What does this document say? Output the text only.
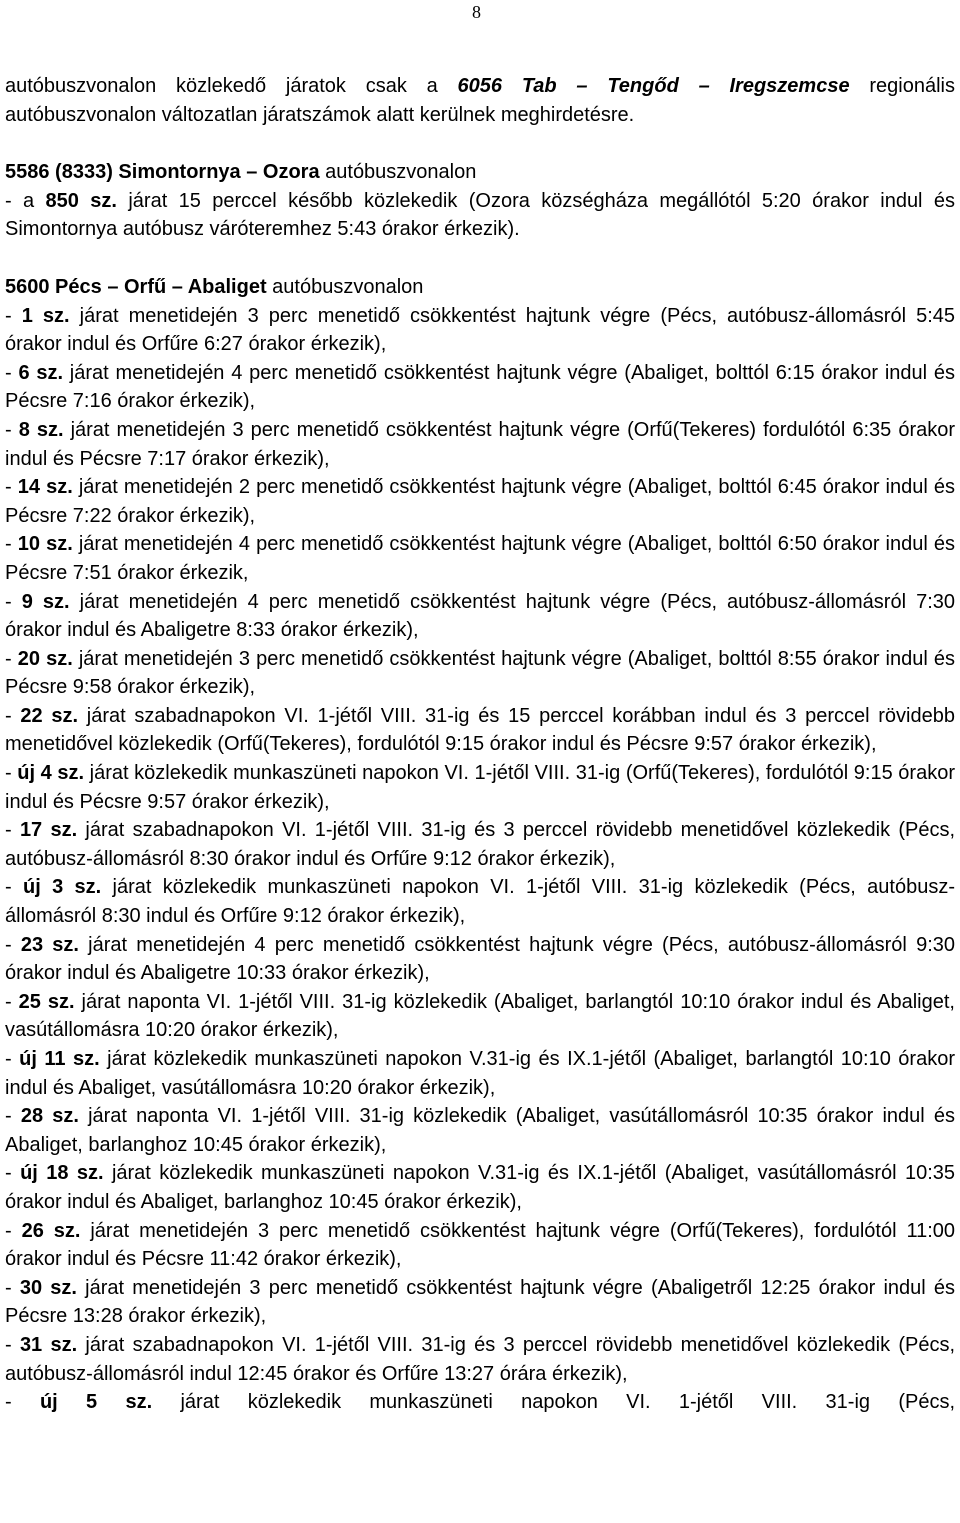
8

autóbuszvonalon közlekedő járatok csak a 6056 Tab – Tengőd – Iregszemcse regionális autóbuszvonalon változatlan járatszámok alatt kerülnek meghirdetésre.

5586 (8333) Simontornya – Ozora autóbuszvonalon

- a 850 sz. járat 15 perccel később közlekedik (Ozora községháza megállótól 5:20 órakor indul és Simontornya autóbusz váróteremhez 5:43 órakor érkezik).

5600 Pécs – Orfű – Abaliget autóbuszvonalon

- 1 sz. járat menetidején 3 perc menetidő csökkentést hajtunk végre (Pécs, autóbusz-állomásról 5:45 órakor indul és Orfűre 6:27 órakor érkezik),

- 6 sz. járat menetidején 4 perc menetidő csökkentést hajtunk végre (Abaliget, bolttól 6:15 órakor indul és Pécsre 7:16 órakor érkezik),

- 8 sz. járat menetidején 3 perc menetidő csökkentést hajtunk végre (Orfű(Tekeres) fordulótól 6:35 órakor indul és Pécsre 7:17 órakor érkezik),

- 14 sz. járat menetidején 2 perc menetidő csökkentést hajtunk végre (Abaliget, bolttól 6:45 órakor indul és Pécsre 7:22 órakor érkezik),

- 10 sz. járat menetidején 4 perc menetidő csökkentést hajtunk végre (Abaliget, bolttól 6:50 órakor indul és Pécsre 7:51 órakor érkezik,

- 9 sz. járat menetidején 4 perc menetidő csökkentést hajtunk végre (Pécs, autóbusz-állomásról 7:30 órakor indul és Abaligetre 8:33 órakor érkezik),

- 20 sz. járat menetidején 3 perc menetidő csökkentést hajtunk végre (Abaliget, bolttól 8:55 órakor indul és Pécsre 9:58 órakor érkezik),

- 22 sz. járat szabadnapokon VI. 1-jétől VIII. 31-ig és 15 perccel korábban indul és 3 perccel rövidebb menetidővel közlekedik (Orfű(Tekeres), fordulótól 9:15 órakor indul és Pécsre 9:57 órakor érkezik),

- új 4 sz. járat közlekedik munkaszüneti napokon VI. 1-jétől VIII. 31-ig (Orfű(Tekeres), fordulótól 9:15 órakor indul és Pécsre 9:57 órakor érkezik),

- 17 sz. járat szabadnapokon VI. 1-jétől VIII. 31-ig és 3 perccel rövidebb menetidővel közlekedik (Pécs, autóbusz-állomásról 8:30 órakor indul és Orfűre 9:12 órakor érkezik),

- új 3 sz. járat közlekedik munkaszüneti napokon VI. 1-jétől VIII. 31-ig közlekedik (Pécs, autóbusz-állomásról 8:30 indul és Orfűre 9:12 órakor érkezik),

- 23 sz. járat menetidején 4 perc menetidő csökkentést hajtunk végre (Pécs, autóbusz-állomásról 9:30 órakor indul és Abaligetre 10:33 órakor érkezik),

- 25 sz. járat naponta VI. 1-jétől VIII. 31-ig közlekedik (Abaliget, barlangtól 10:10 órakor indul és Abaliget, vasútállomásra 10:20 órakor érkezik),

- új 11 sz. járat közlekedik munkaszüneti napokon V.31-ig és IX.1-jétől (Abaliget, barlangtól 10:10 órakor indul és Abaliget, vasútállomásra 10:20 órakor érkezik),

- 28 sz. járat naponta VI. 1-jétől VIII. 31-ig közlekedik (Abaliget, vasútállomásról 10:35 órakor indul és Abaliget, barlanghoz 10:45 órakor érkezik),

- új 18 sz. járat közlekedik munkaszüneti napokon V.31-ig és IX.1-jétől (Abaliget, vasútállomásról 10:35 órakor indul és Abaliget, barlanghoz 10:45 órakor érkezik),

- 26 sz. járat menetidején 3 perc menetidő csökkentést hajtunk végre (Orfű(Tekeres), fordulótól 11:00 órakor indul és Pécsre 11:42 órakor érkezik),

- 30 sz. járat menetidején 3 perc menetidő csökkentést hajtunk végre (Abaligetről 12:25 órakor indul és Pécsre 13:28 órakor érkezik),

- 31 sz. járat szabadnapokon VI. 1-jétől VIII. 31-ig és 3 perccel rövidebb menetidővel közlekedik (Pécs, autóbusz-állomásról indul 12:45 órakor és Orfűre 13:27 órára érkezik),

- új 5 sz. járat közlekedik munkaszüneti napokon VI. 1-jétől VIII. 31-ig (Pécs,
